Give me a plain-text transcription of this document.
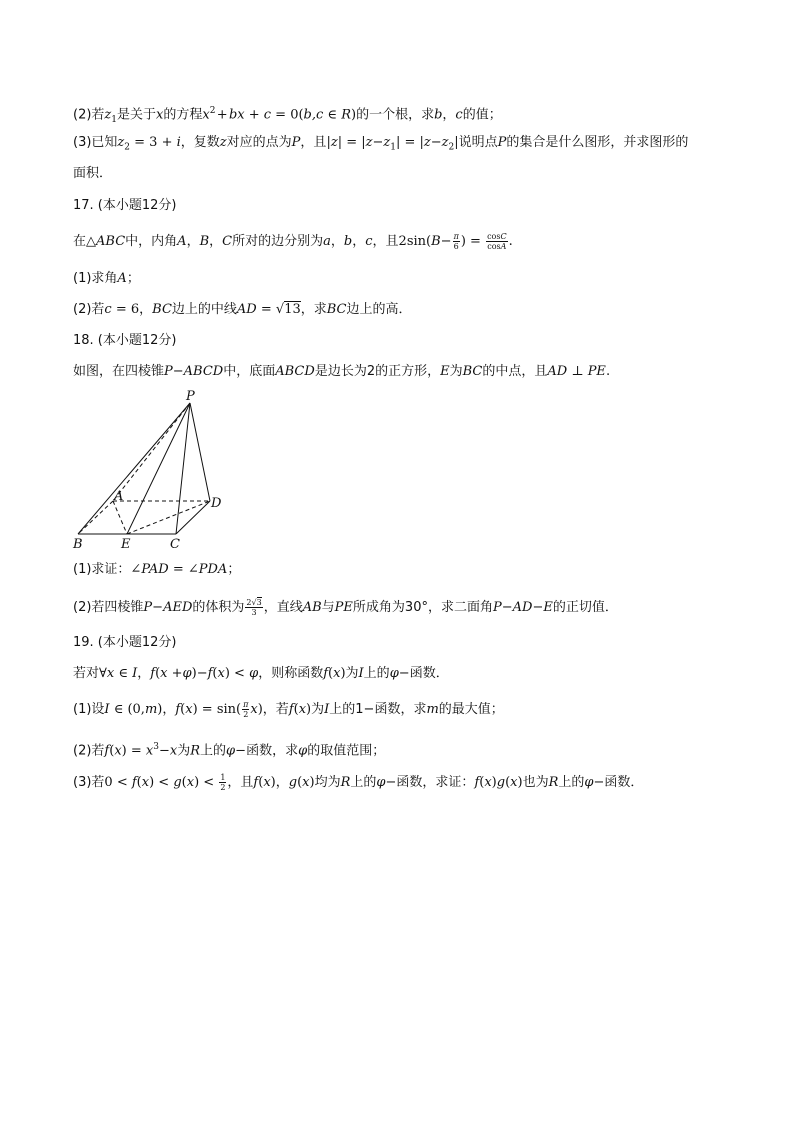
(2)若$z_1$是关于x的方程$x^2$ + bx + c = 0(b,c ∈ R)的一个根，求b，c的值；
(3)已知$z_2 = 3 + i$，复数z对应的点为P，且$|z| = |z-z_1| = |z-z_2|$说明点P的集合是什么图形，并求图形的
面积．
17. (本小题12分)
在△ABC中，内角A，B，C所对的边分别为a，b，c，且$2\sin(B- \frac{\pi}{6}$ ) = $\frac{\cos C}{\cos A}$ .
(1)求角A；
(2)若c = 6，BC边上的中线AD = √13，求BC边上的高．
18. (本小题12分)
如图，在四棱锥P−ABCD中，底面ABCD是边长为2的正方形，E为BC的中点，且AD ⊥ PE.
P
A	D
B	E	C
(1)求证：∠PAD = ∠PDA；
(2)若四棱锥P−AED的体积为 $\frac{2√3}{3}$ ，直线AB与PE所成角为30°，求二面角P−AD−E的正切值．
19. (本小题12分)
若对∀x ∈ I，f(x +φ)−f(x) < φ，则称函数f(x)为I上的φ−函数．
(1)设I ∈ (0,m)，$f(x) = \sin( \frac{\pi}{2} x)$，若f(x)为I上的1−函数，求m的最大值；
(2)若$f(x) = x^3-x$为R上的φ−函数，求φ的取值范围；
(3)若$0 < f(x) < g(x) < \frac{1}{2}$ ，且f(x)，g(x)均为R上的φ−函数，求证：f(x)g(x)也为R上的φ−函数．
